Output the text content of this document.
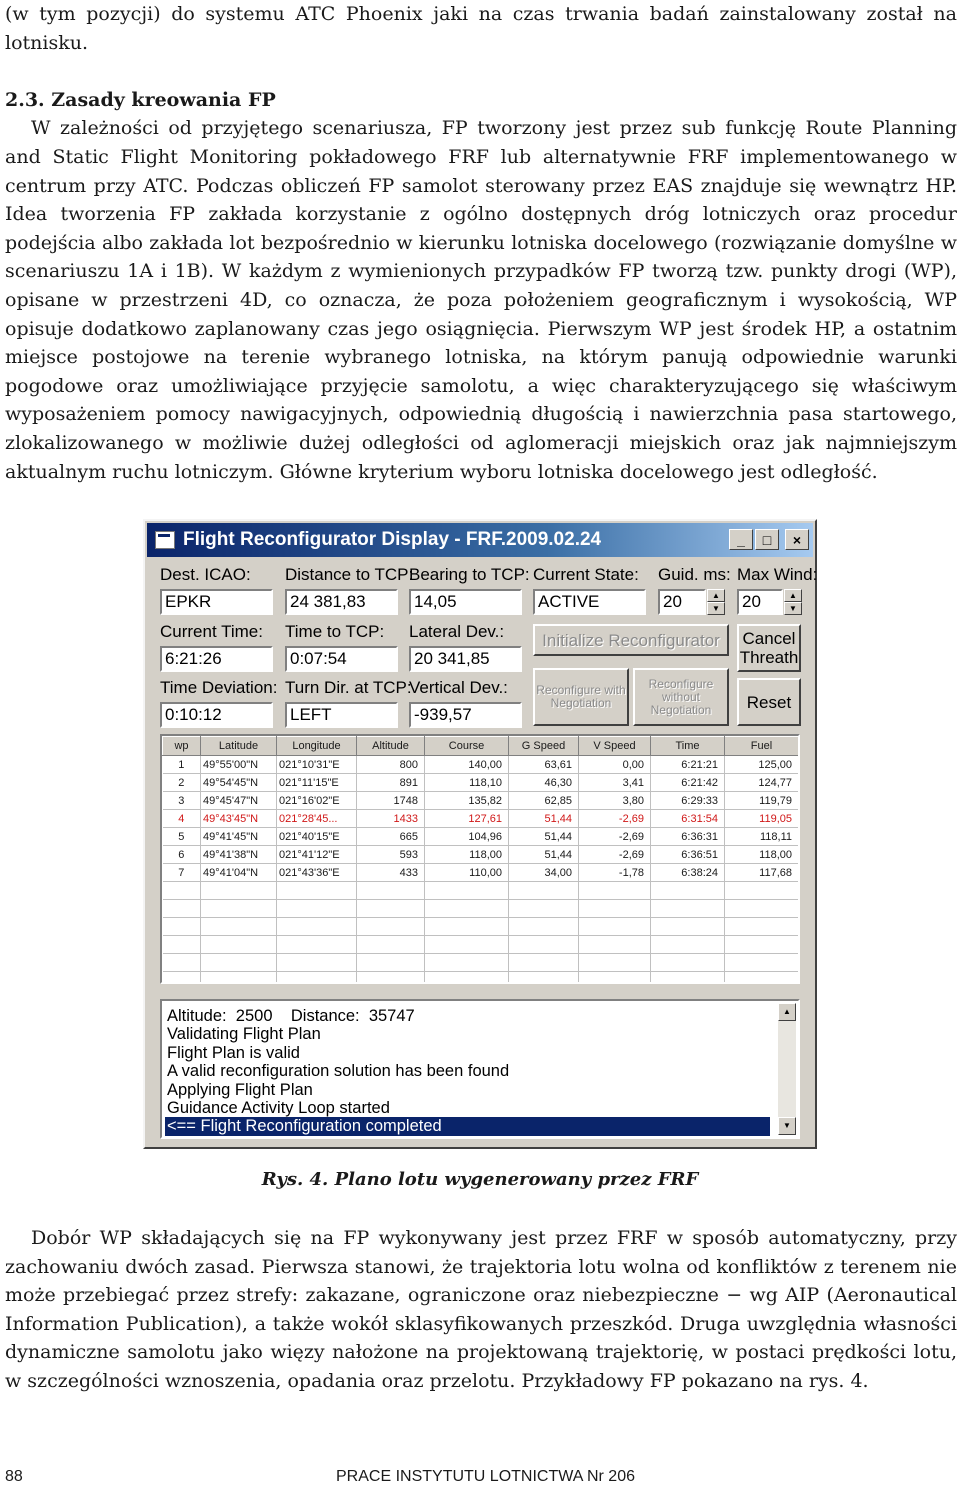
(w tym pozycji) do systemu ATC Phoenix jaki na czas trwania badań zainstalowany został na lotnisku.

2.3. Zasady kreowania FP

W zależności od przyjętego scenariusza, FP tworzony jest przez sub funkcję Route Planning and Static Flight Monitoring pokładowego FRF lub alternatywnie FRF implementowanego w centrum przy ATC. Podczas obliczeń FP samolot sterowany przez EAS znajduje się wewnątrz HP. Idea tworzenia FP zakłada korzystanie z ogólno dostępnych dróg lotniczych oraz procedur podejścia albo zakłada lot bezpośrednio w kierunku lotniska docelowego (rozwiązanie domyślne w scenariuszu 1A i 1B). W każdym z wymienionych przypadków FP tworzą tzw. punkty drogi (WP), opisane w przestrzeni 4D, co oznacza, że poza położeniem geograficznym i wysokością, WP opisuje dodatkowo zaplanowany czas jego osiągnięcia. Pierwszym WP jest środek HP, a ostatnim miejsce postojowe na terenie wybranego lotniska, na którym panują odpowiednie warunki pogodowe oraz umożliwiające przyjęcie samolotu, a więc charakteryzującego się właściwym wyposażeniem pomocy nawigacyjnych, odpowiednią długością i nawierzchnia pasa startowego, zlokalizowanego w możliwie dużej odległości od aglomeracji miejskich oraz jak najmniejszym aktualnym ruchu lotniczym. Główne kryterium wyboru lotniska docelowego jest odległość.

Flight Reconfigurator Display - FRF.2009.02.24	_	□	×
Dest. ICAO:
EPKR
Distance to TCP:
24 381,83
Bearing to TCP:
14,05
Current State:
ACTIVE
Guid. ms:
20	▲
▼
Max Wind:
20	▲
▼
Current Time:
6:21:26
Time to TCP:
0:07:54
Lateral Dev.:
20 341,85
Initialize Reconfigurator	Cancel Threath
Time Deviation:
0:10:12
Turn Dir. at TCP:
LEFT
Vertical Dev.:
-939,57
Reconfigure with Negotiation
Reconfigure without Negotiation	Reset
wp	Latitude	Longitude	Altitude	Course	G Speed	V Speed	Time	Fuel
1	49°55'00"N	021°10'31"E	800	140,00	63,61	0,00	6:21:21	125,00
2	49°54'45"N	021°11'15"E	891	118,10	46,30	3,41	6:21:42	124,77
3	49°45'47"N	021°16'02"E	1748	135,82	62,85	3,80	6:29:33	119,79
4	49°43'45"N	021°28'45...	1433	127,61	51,44	-2,69	6:31:54	119,05
5	49°41'45"N	021°40'15"E	665	104,96	51,44	-2,69	6:36:31	118,11
6	49°41'38"N	021°41'12"E	593	118,00	51,44	-2,69	6:36:51	118,00
7	49°41'04"N	021°43'36"E	433	110,00	34,00	-1,78	6:38:24	117,68

Altitude: 2500 Distance: 35747
Validating Flight Plan
Flight Plan is valid
A valid reconfiguration solution has been found
Applying Flight Plan
Guidance Activity Loop started
<== Flight Reconfiguration completed

▲

▼

Rys. 4. Plano lotu wygenerowany przez FRF

Dobór WP składających się na FP wykonywany jest przez FRF w sposób automatyczny, przy zachowaniu dwóch zasad. Pierwsza stanowi, że trajektoria lotu wolna od konfliktów z terenem nie może przebiegać przez strefy: zakazane, ograniczone oraz niebezpieczne − wg AIP (Aeronautical Information Publication), a także wokół sklasyfikowanych przeszkód. Druga uwzględnia własności dynamiczne samolotu jako więzy nałożone na projektowaną trajektorię, w postaci prędkości lotu, w szczególności wznoszenia, opadania oraz przelotu. Przykładowy FP pokazano na rys. 4.

88	PRACE INSTYTUTU LOTNICTWA Nr 206
